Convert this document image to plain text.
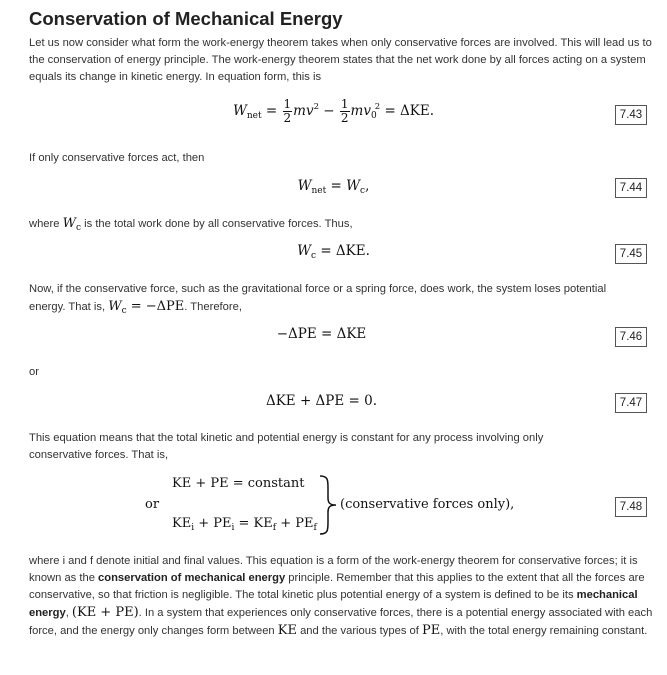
Conservation of Mechanical Energy

Let us now consider what form the work-energy theorem takes when only conservative forces are involved. This will lead us to the conservation of energy principle. The work-energy theorem states that the net work done by all forces acting on a system equals its change in kinetic energy. In equation form, this is

$W_{net} = \frac{1}{2} mv^2 - \frac{1}{2} mv_0^2 = \Delta KE$.	7.43

If only conservative forces act, then

$W_{net} = W_c$,	7.44

where $W_c$ is the total work done by all conservative forces. Thus,

$W_c = \Delta KE$.	7.45

Now, if the conservative force, such as the gravitational force or a spring force, does work, the system loses potential energy. That is, $W_c = -\Delta PE$. Therefore,

−ΔPE = ΔKE	7.46

or

ΔKE + ΔPE = 0.	7.47

This equation means that the total kinetic and potential energy is constant for any process involving only conservative forces. That is,

KE + PE = constant
or
$KE_i + PE_i = KE_f + PE_f$
(conservative forces only),	7.48

where i and f denote initial and final values. This equation is a form of the work-energy theorem for conservative forces; it is known as the conservation of mechanical energy principle. Remember that this applies to the extent that all the forces are conservative, so that friction is negligible. The total kinetic plus potential energy of a system is defined to be its mechanical energy, (KE + PE). In a system that experiences only conservative forces, there is a potential energy associated with each force, and the energy only changes form between KE and the various types of PE, with the total energy remaining constant.
